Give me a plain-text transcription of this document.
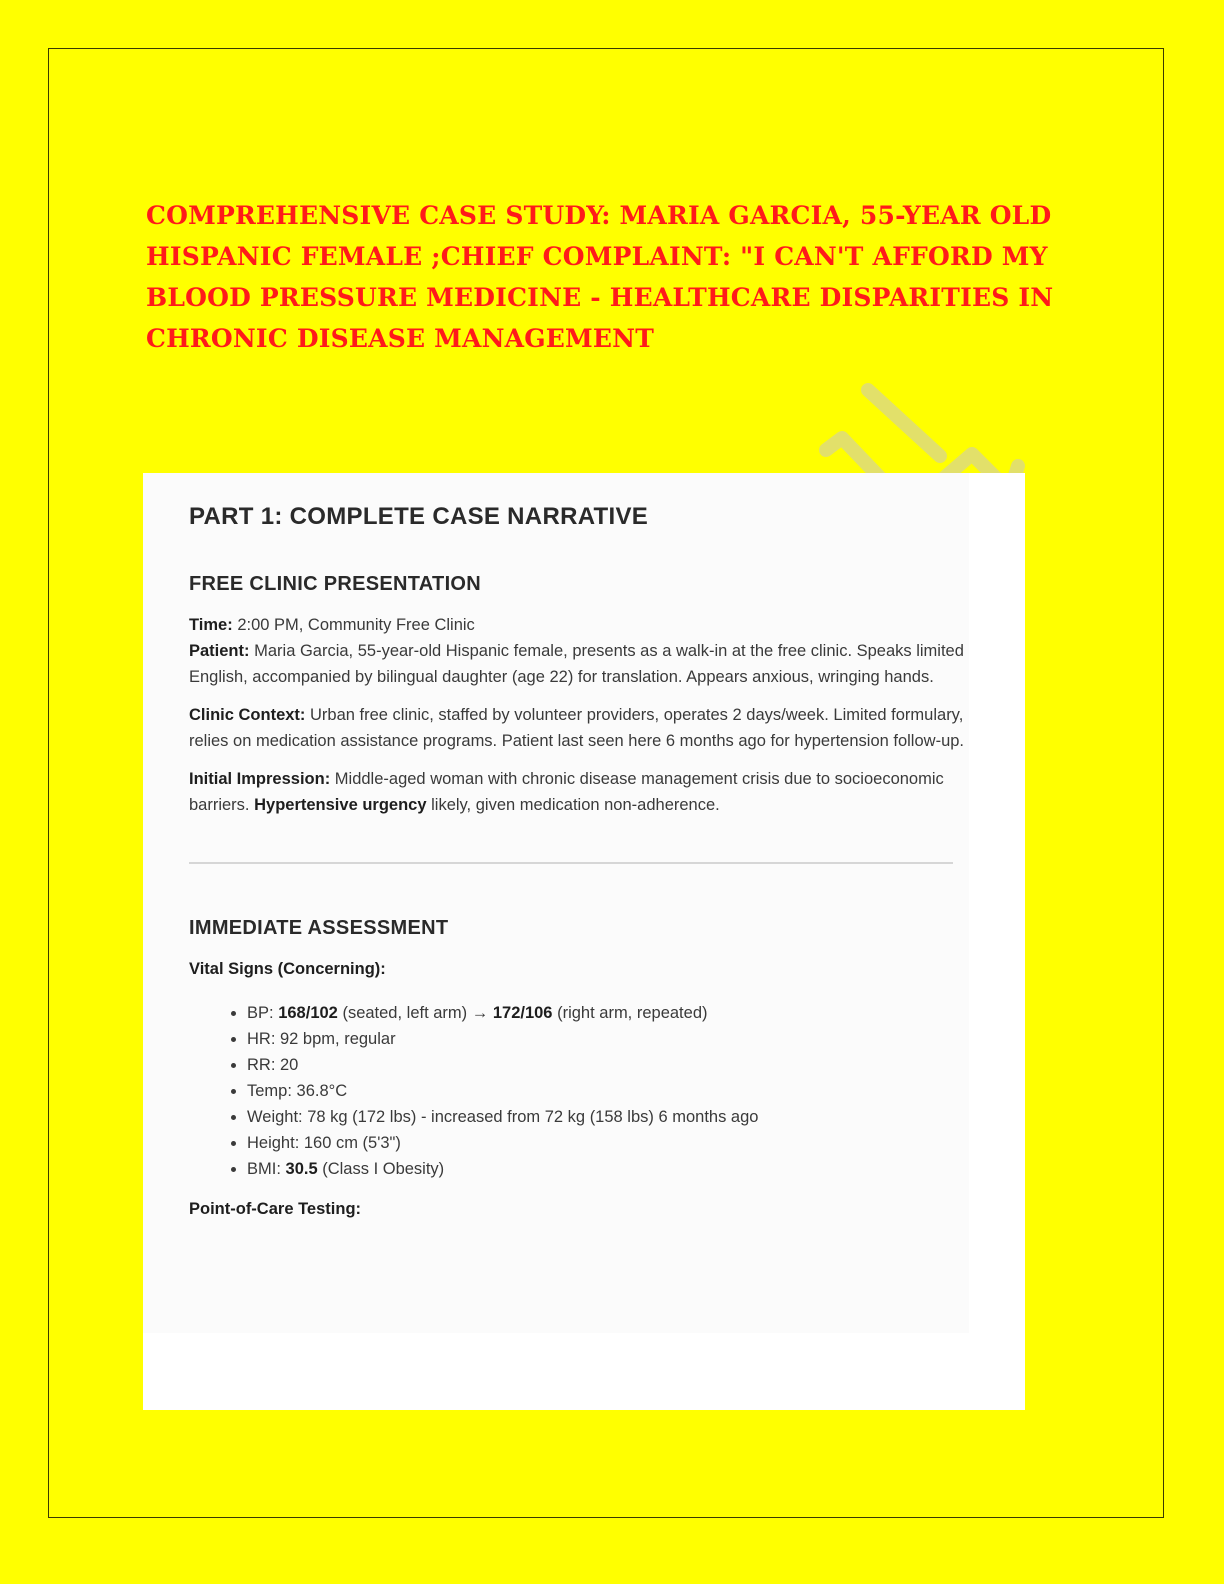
COMPREHENSIVE CASE STUDY: MARIA GARCIA, 55-YEAR OLD HISPANIC FEMALE ;CHIEF COMPLAINT: "I CAN'T AFFORD MY BLOOD PRESSURE MEDICINE - HEALTHCARE DISPARITIES IN CHRONIC DISEASE MANAGEMENT
PART 1: COMPLETE CASE NARRATIVE
FREE CLINIC PRESENTATION
Time: 2:00 PM, Community Free Clinic
Patient: Maria Garcia, 55-year-old Hispanic female, presents as a walk-in at the free clinic. Speaks limited English, accompanied by bilingual daughter (age 22) for translation. Appears anxious, wringing hands.
Clinic Context: Urban free clinic, staffed by volunteer providers, operates 2 days/week. Limited formulary, relies on medication assistance programs. Patient last seen here 6 months ago for hypertension follow-up.
Initial Impression: Middle-aged woman with chronic disease management crisis due to socioeconomic barriers. Hypertensive urgency likely, given medication non-adherence.
IMMEDIATE ASSESSMENT
Vital Signs (Concerning):
• BP: 168/102 (seated, left arm) → 172/106 (right arm, repeated)
• HR: 92 bpm, regular
• RR: 20
• Temp: 36.8°C
• Weight: 78 kg (172 lbs) - increased from 72 kg (158 lbs) 6 months ago
• Height: 160 cm (5'3")
• BMI: 30.5 (Class I Obesity)
Point-of-Care Testing:
